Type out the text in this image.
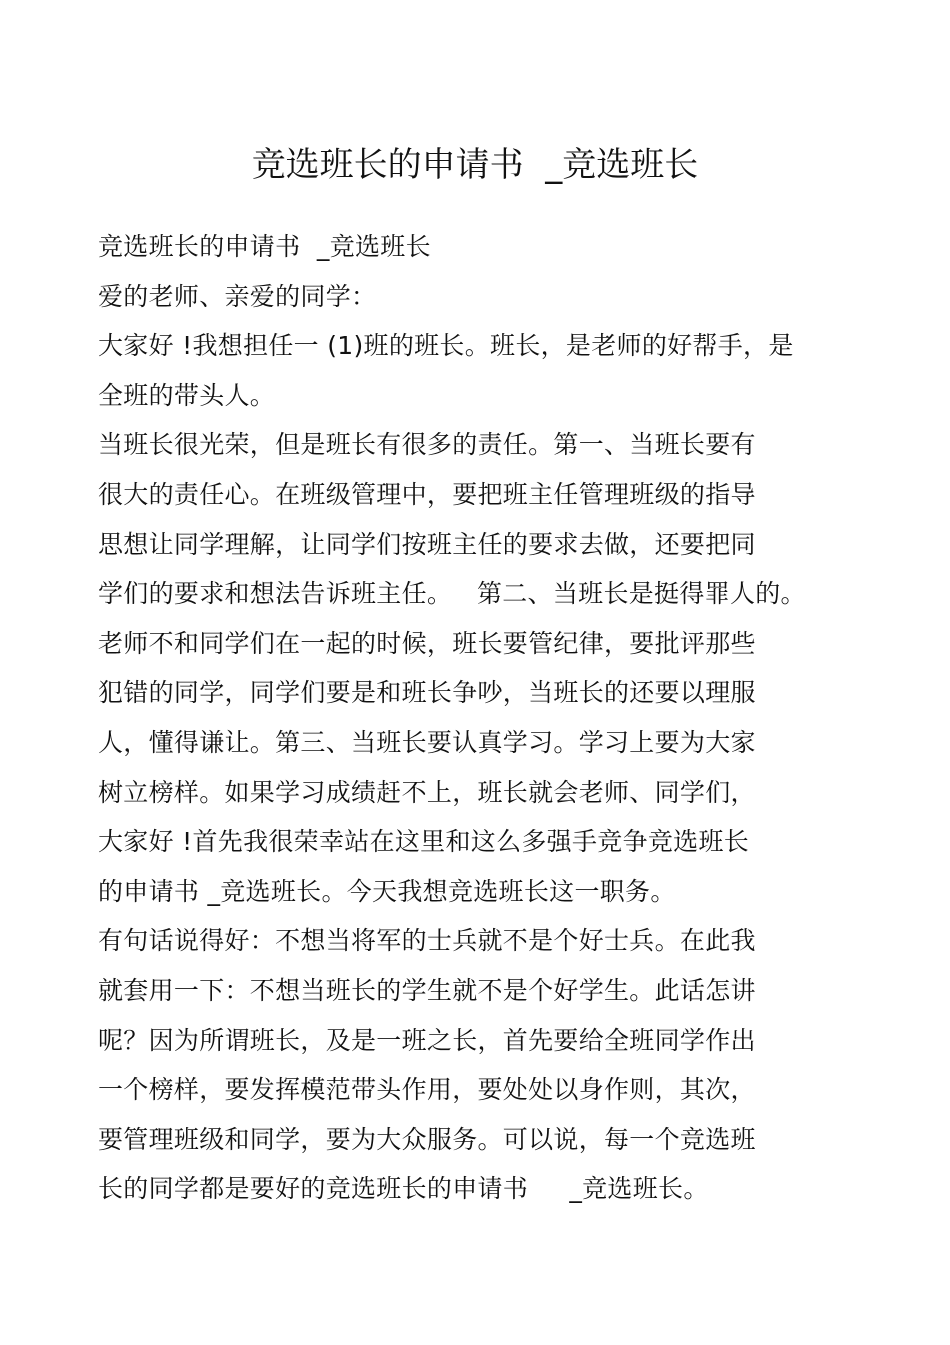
竞选班长的申请书  _竞选班长
竞选班长的申请书  _竞选班长
爱的老师、亲爱的同学：
大家好 !我想担任一 (1)班的班长。班长，是老师的好帮手，是
全班的带头人。
当班长很光荣，但是班长有很多的责任。第一、当班长要有
很大的责任心。在班级管理中，要把班主任管理班级的指导
思想让同学理解，让同学们按班主任的要求去做，还要把同
学们的要求和想法告诉班主任。   第二、当班长是挺得罪人的。
老师不和同学们在一起的时候，班长要管纪律，要批评那些
犯错的同学，同学们要是和班长争吵，当班长的还要以理服
人，懂得谦让。第三、当班长要认真学习。学习上要为大家
树立榜样。如果学习成绩赶不上，班长就会老师、同学们，
大家好 !首先我很荣幸站在这里和这么多强手竞争竞选班长
的申请书 _竞选班长。今天我想竞选班长这一职务。
有句话说得好：不想当将军的士兵就不是个好士兵。在此我
就套用一下：不想当班长的学生就不是个好学生。此话怎讲
呢？因为所谓班长，及是一班之长，首先要给全班同学作出
一个榜样，要发挥模范带头作用，要处处以身作则，其次，
要管理班级和同学，要为大众服务。可以说，每一个竞选班
长的同学都是要好的竞选班长的申请书     _竞选班长。
